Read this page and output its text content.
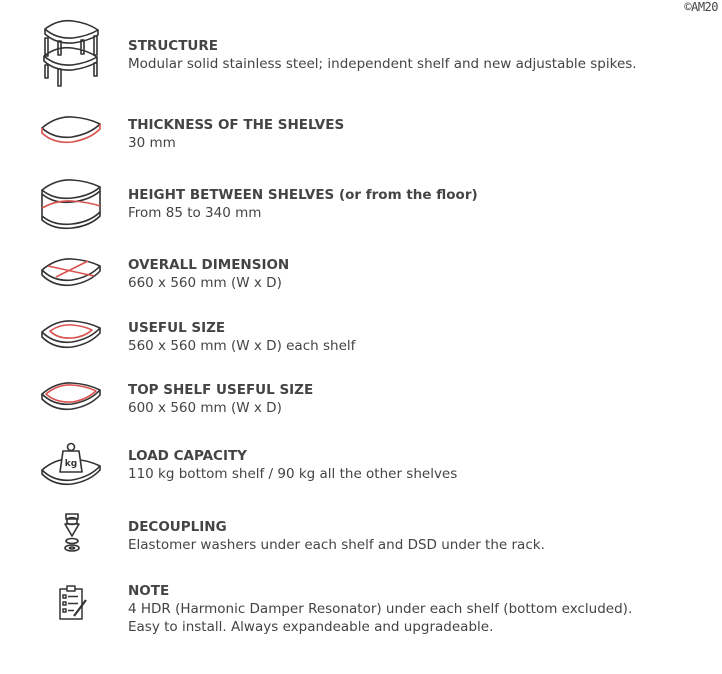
©AM20
STRUCTURE
Modular solid stainless steel; independent shelf and new adjustable spikes.
THICKNESS OF THE SHELVES
30 mm
HEIGHT BETWEEN SHELVES (or from the floor)
From 85 to 340 mm
OVERALL DIMENSION
660 x 560 mm (W x D)
USEFUL SIZE
560 x 560 mm (W x D) each shelf
TOP SHELF USEFUL SIZE
600 x 560 mm (W x D)
kg	LOAD CAPACITY
110 kg bottom shelf / 90 kg all the other shelves
DECOUPLING
Elastomer washers under each shelf and DSD under the rack.
NOTE
4 HDR (Harmonic Damper Resonator) under each shelf (bottom excluded).
Easy to install. Always expandeable and upgradeable.
